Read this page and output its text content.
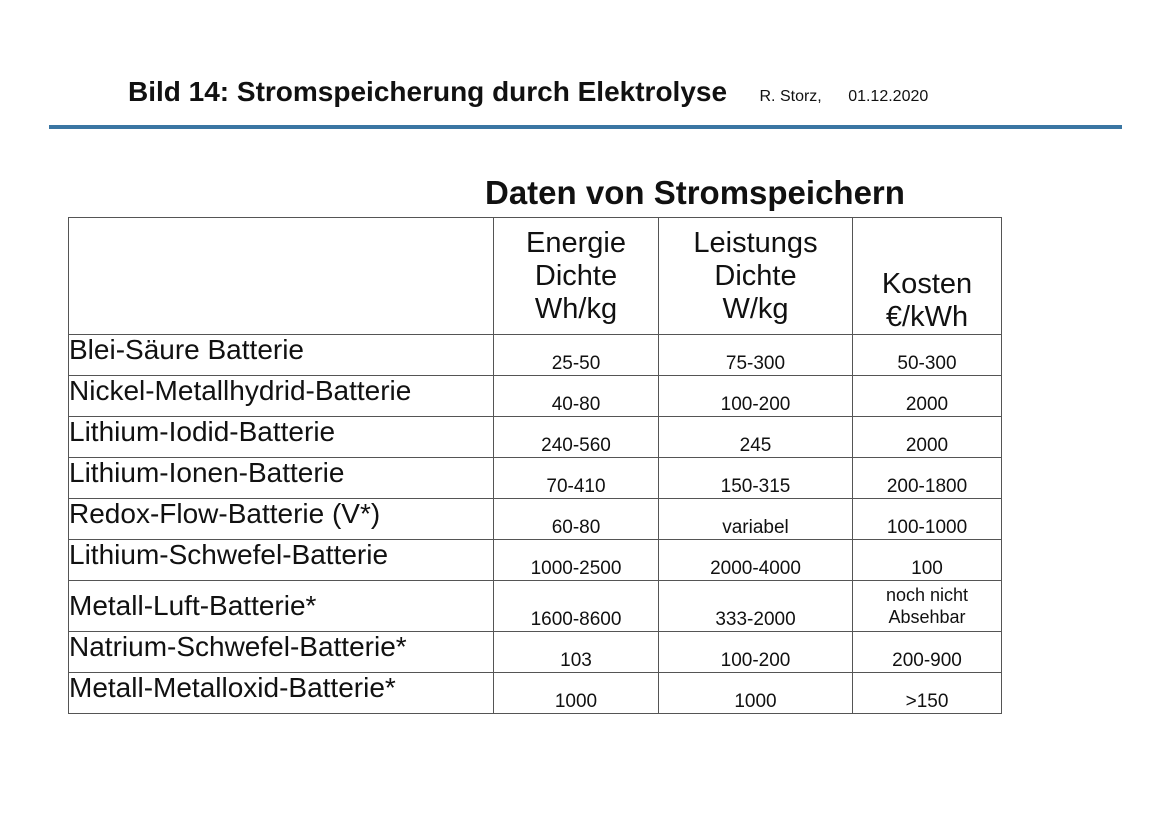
Bild 14: Stromspeicherung durch Elektrolyse R. Storz, 01.12.2020
Daten von Stromspeichern

	Energie
Dichte
Wh/kg	Leistungs
Dichte
W/kg	Kosten
€/kWh

Blei-Säure Batterie	25-50	75-300	50-300
Nickel-Metallhydrid-Batterie	40-80	100-200	2000
Lithium-Iodid-Batterie	240-560	245	2000
Lithium-Ionen-Batterie	70-410	150-315	200-1800
Redox-Flow-Batterie (V*)	60-80	variabel	100-1000
Lithium-Schwefel-Batterie	1000-2500	2000-4000	100
Metall-Luft-Batterie*	1600-8600	333-2000	noch nicht
Absehbar

Natrium-Schwefel-Batterie*	103	100-200	200-900
Metall-Metalloxid-Batterie*	1000	1000	>150
